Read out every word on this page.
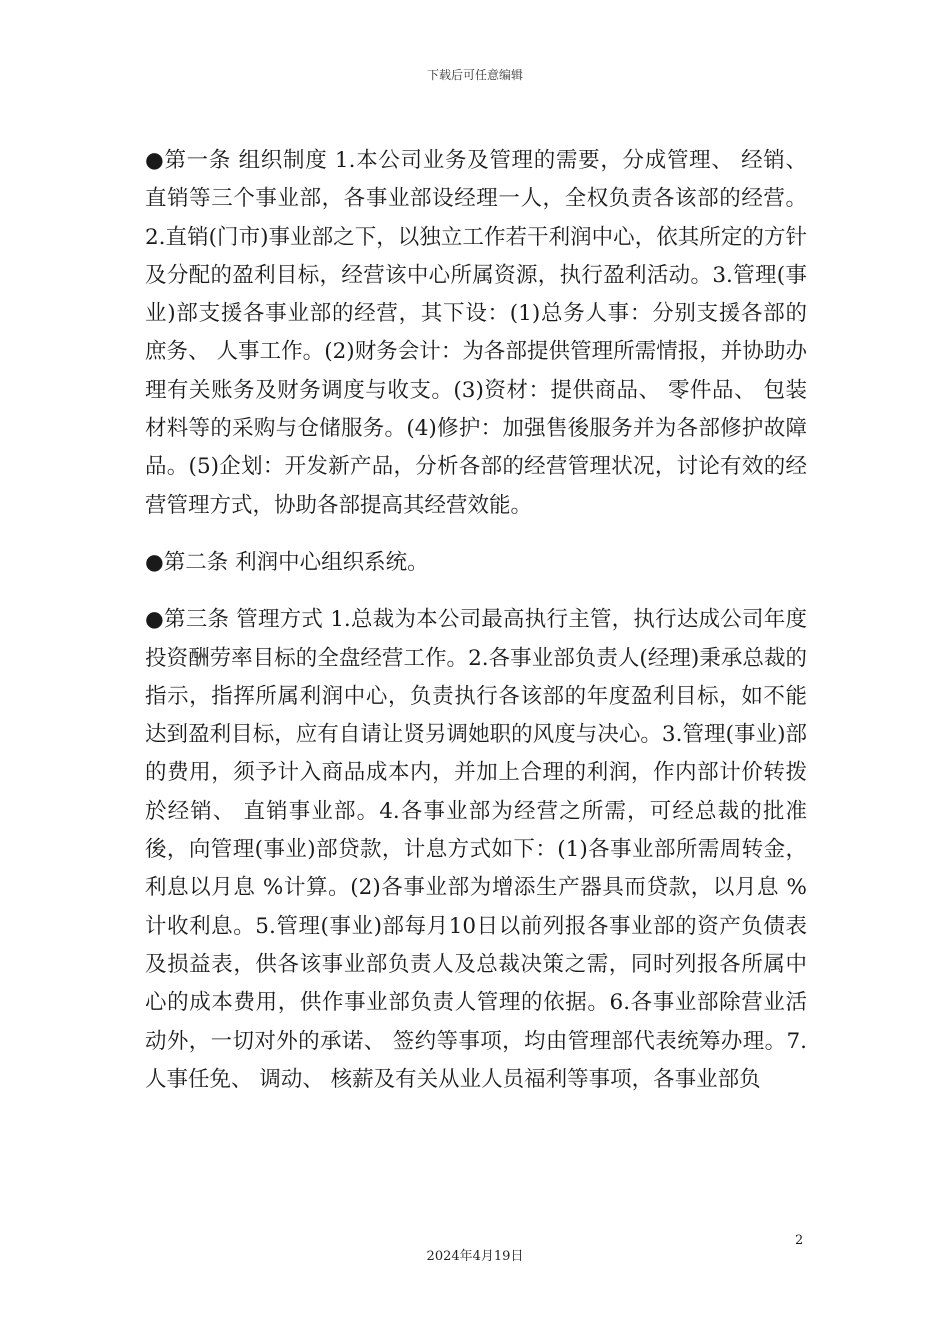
下载后可任意编辑

●第一条 组织制度 1.本公司业务及管理的需要，分成管理、 经销、 直销等三个事业部，各事业部设经理一人，全权负责各该部的经营。2.直销(门市)事业部之下，以独立工作若干利润中心，依其所定的方针及分配的盈利目标，经营该中心所属资源，执行盈利活动。3.管理(事业)部支援各事业部的经营，其下设：(1)总务人事：分别支援各部的庶务、 人事工作。(2)财务会计：为各部提供管理所需情报，并协助办理有关账务及财务调度与收支。(3)资材：提供商品、 零件品、 包装材料等的采购与仓储服务。(4)修护：加强售後服务并为各部修护故障品。(5)企划：开发新产品，分析各部的经营管理状况，讨论有效的经营管理方式，协助各部提高其经营效能。

●第二条 利润中心组织系统。

●第三条 管理方式 1.总裁为本公司最高执行主管，执行达成公司年度投资酬劳率目标的全盘经营工作。2.各事业部负责人(经理)秉承总裁的指示，指挥所属利润中心，负责执行各该部的年度盈利目标，如不能达到盈利目标，应有自请让贤另调她职的风度与决心。3.管理(事业)部的费用，须予计入商品成本内，并加上合理的利润，作内部计价转拨於经销、 直销事业部。4.各事业部为经营之所需，可经总裁的批准後，向管理(事业)部贷款，计息方式如下：(1)各事业部所需周转金，利息以月息 %计算。(2)各事业部为增添生产器具而贷款，以月息 %计收利息。5.管理(事业)部每月10日以前列报各事业部的资产负债表及损益表，供各该事业部负责人及总裁决策之需，同时列报各所属中心的成本费用，供作事业部负责人管理的依据。6.各事业部除营业活动外，一切对外的承诺、 签约等事项，均由管理部代表统筹办理。7.人事任免、 调动、 核薪及有关从业人员福利等事项，各事业部负

2
2024年4月19日
